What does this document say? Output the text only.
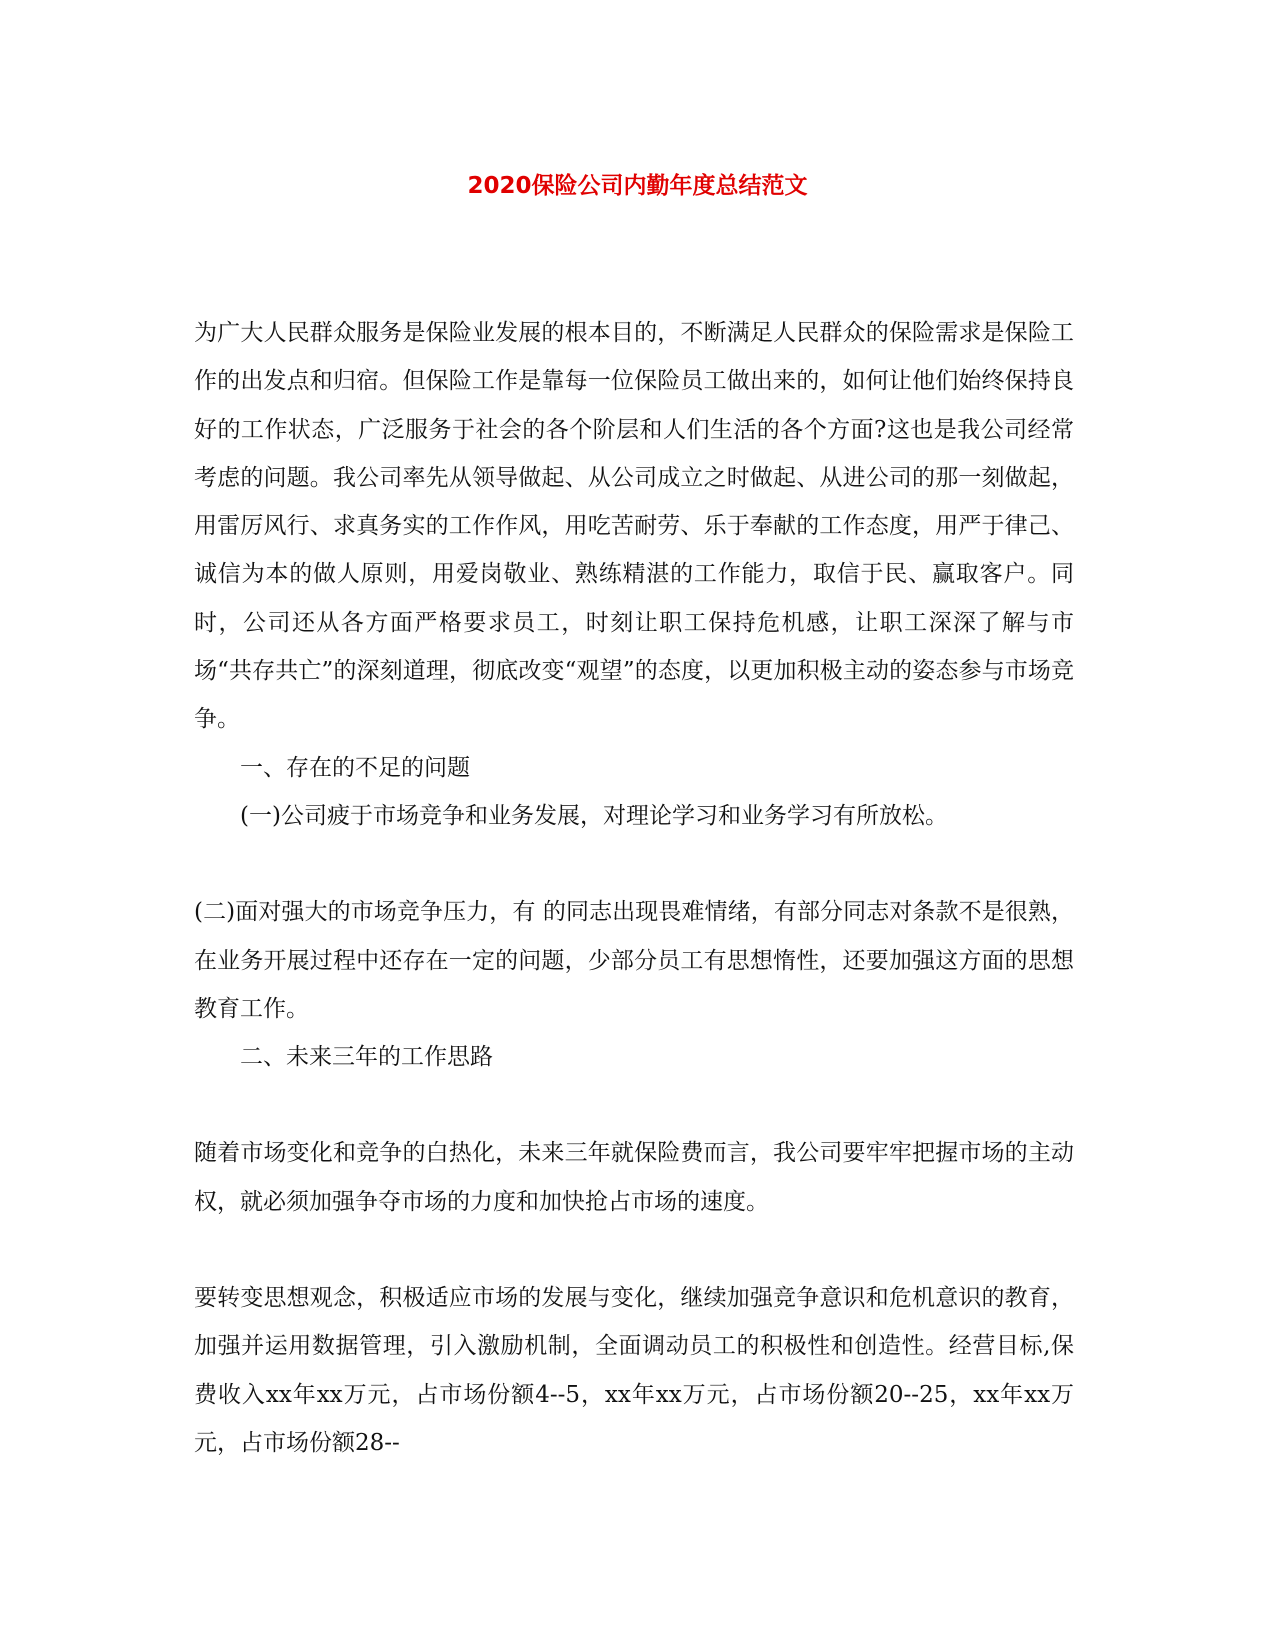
2020保险公司内勤年度总结范文

为广大人民群众服务是保险业发展的根本目的，不断满足人民群众的保险需求是保险工作的出发点和归宿。但保险工作是靠每一位保险员工做出来的，如何让他们始终保持良好的工作状态，广泛服务于社会的各个阶层和人们生活的各个方面?这也是我公司经常考虑的问题。我公司率先从领导做起、从公司成立之时做起、从进公司的那一刻做起，用雷厉风行、求真务实的工作作风，用吃苦耐劳、乐于奉献的工作态度，用严于律己、诚信为本的做人原则，用爱岗敬业、熟练精湛的工作能力，取信于民、赢取客户。同时，公司还从各方面严格要求员工，时刻让职工保持危机感，让职工深深了解与市场“共存共亡”的深刻道理，彻底改变“观望”的态度，以更加积极主动的姿态参与市场竞争。

一、存在的不足的问题

(一)公司疲于市场竞争和业务发展，对理论学习和业务学习有所放松。

(二)面对强大的市场竞争压力，有 的同志出现畏难情绪，有部分同志对条款不是很熟，在业务开展过程中还存在一定的问题，少部分员工有思想惰性，还要加强这方面的思想教育工作。

二、未来三年的工作思路

随着市场变化和竞争的白热化，未来三年就保险费而言，我公司要牢牢把握市场的主动权，就必须加强争夺市场的力度和加快抢占市场的速度。

要转变思想观念，积极适应市场的发展与变化，继续加强竞争意识和危机意识的教育，加强并运用数据管理，引入激励机制，全面调动员工的积极性和创造性。经营目标,保费收入xx年xx万元，占市场份额4--5，xx年xx万元，占市场份额20--25，xx年xx万元，占市场份额28--
